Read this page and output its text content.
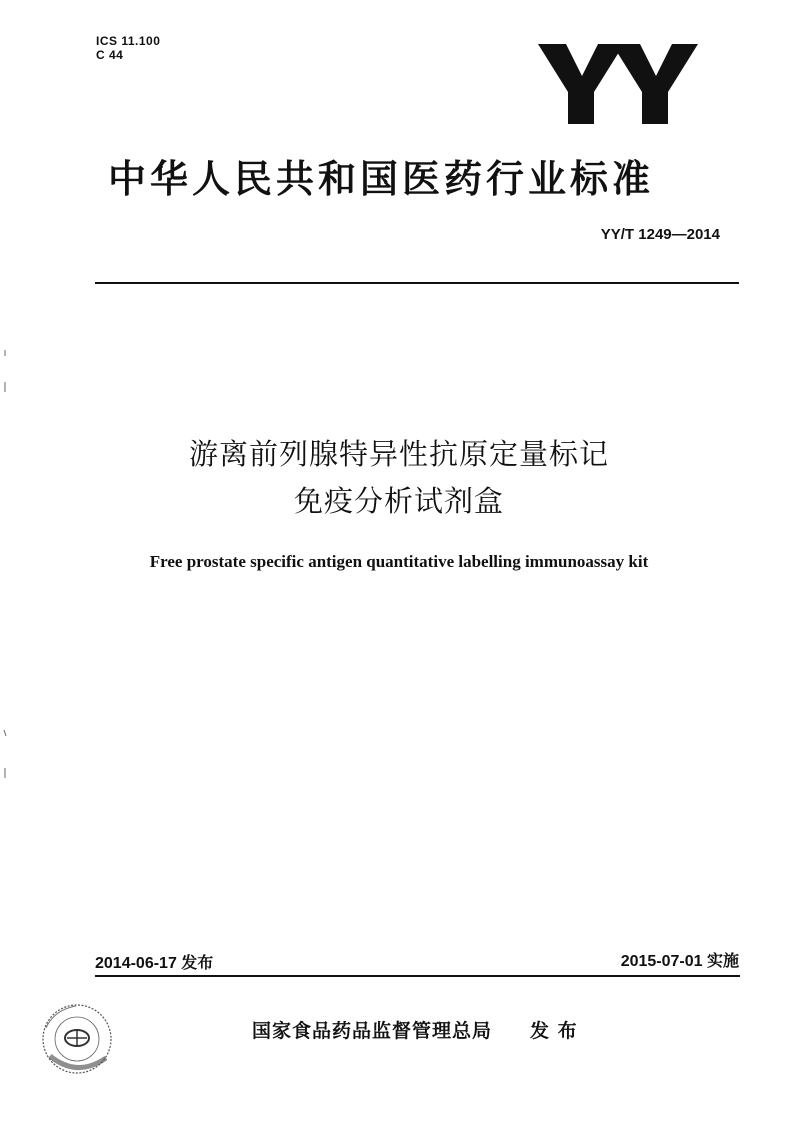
ICS 11.100
C 44
中华人民共和国医药行业标准
YY/T 1249—2014
游离前列腺特异性抗原定量标记
免疫分析试剂盒
Free prostate specific antigen quantitative labelling immunoassay kit
2014-06-17 发布	2015-07-01 实施
国家食品药品监督管理总局 发 布
